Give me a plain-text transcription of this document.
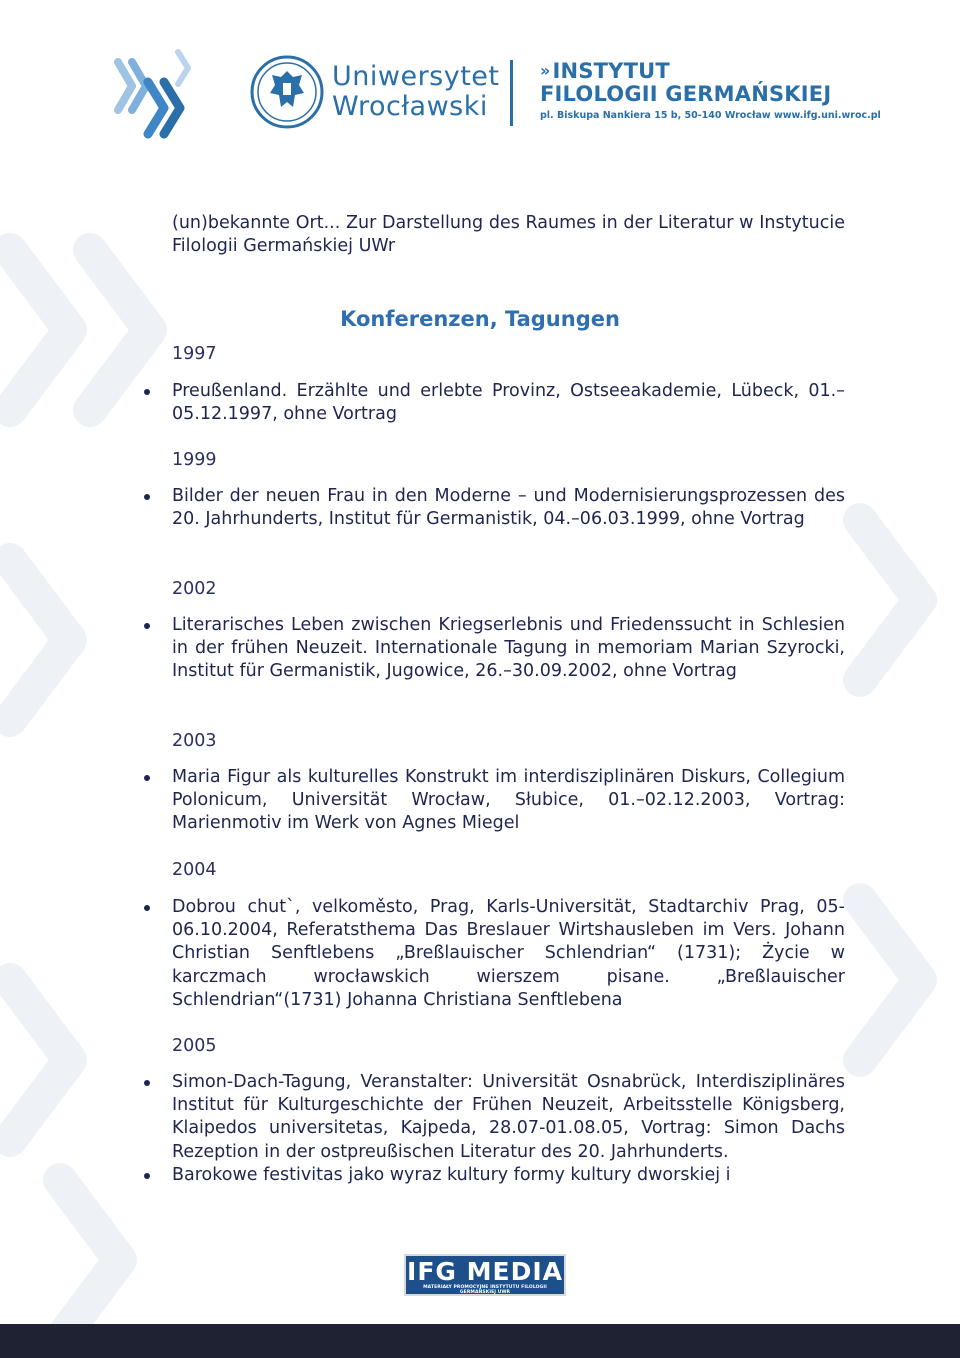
Uniwersytet
Wrocławski
»INSTYTUT
FILOLOGII GERMAŃSKIEJ
pl. Biskupa Nankiera 15 b, 50-140 Wrocław www.ifg.uni.wroc.pl

(un)bekannte Ort... Zur Darstellung des Raumes in der Literatur w Instytucie Filologii Germańskiej UWr

Konferenzen, Tagungen

1997

Preußenland. Erzählte und erlebte Provinz, Ostseeakademie, Lübeck, 01.–05.12.1997, ohne Vortrag

1999

Bilder der neuen Frau in den Moderne – und Modernisierungsprozessen des 20. Jahrhunderts, Institut für Germanistik, 04.–06.03.1999, ohne Vortrag

2002

Literarisches Leben zwischen Kriegserlebnis und Friedenssucht in Schlesien in der frühen Neuzeit. Internationale Tagung in memoriam Marian Szyrocki, Institut für Germanistik, Jugowice, 26.–30.09.2002, ohne Vortrag

2003

Maria Figur als kulturelles Konstrukt im interdisziplinären Diskurs, Collegium Polonicum, Universität Wrocław, Słubice, 01.–02.12.2003, Vortrag: Marienmotiv im Werk von Agnes Miegel

2004

Dobrou chut`, velkoměsto, Prag, Karls-Universität, Stadtarchiv Prag, 05-06.10.2004, Referatsthema Das Breslauer Wirtshausleben im Vers. Johann Christian Senftlebens „Breßlauischer Schlendrian“ (1731); Życie w karczmach wrocławskich wierszem pisane. „Breßlauischer Schlendrian“(1731) Johanna Christiana Senftlebena

2005

Simon-Dach-Tagung, Veranstalter: Universität Osnabrück, Interdisziplinäres Institut für Kulturgeschichte der Frühen Neuzeit, Arbeitsstelle Königsberg, Klaipedos universitetas, Kajpeda, 28.07-01.08.05, Vortrag: Simon Dachs Rezeption in der ostpreußischen Literatur des 20. Jahrhunderts.
Barokowe festivitas jako wyraz kultury formy kultury dworskiej i
IFG MEDIA
MATERIAŁY PROMOCYJNE INSTYTUTU FILOLOGII GERMAŃSKIEJ UWR
